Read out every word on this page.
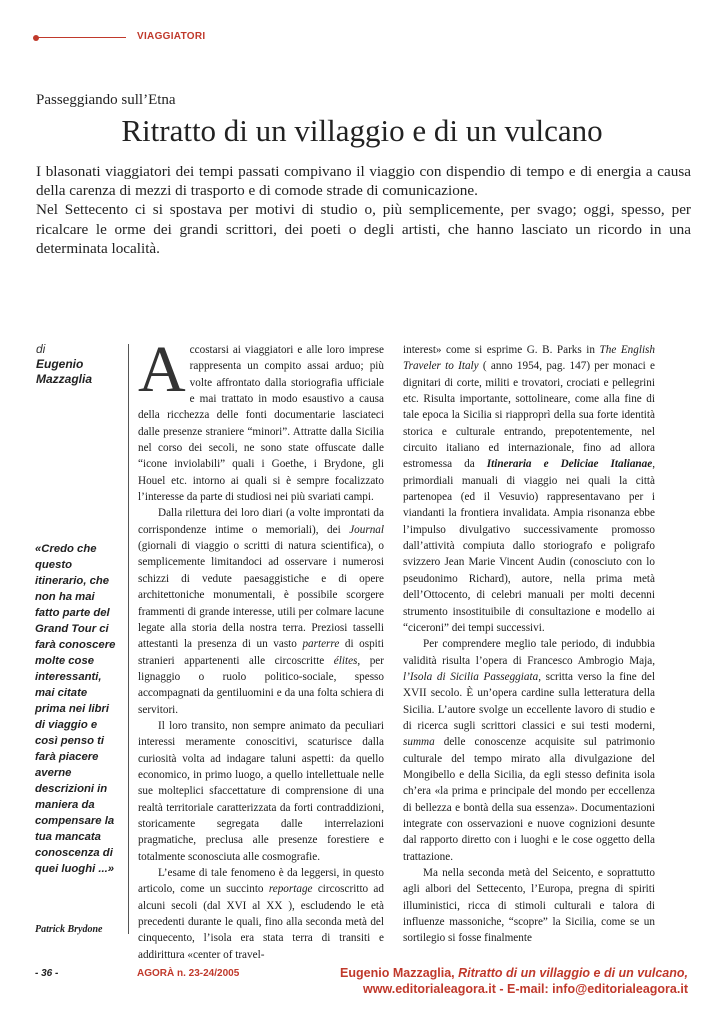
VIAGGIATORI
Passeggiando sull’Etna
Ritratto di un villaggio e di un vulcano

I blasonati viaggiatori dei tempi passati compivano il viaggio con dispendio di tempo e di energia a causa della carenza di mezzi di trasporto e di comode strade di comunicazione.

Nel Settecento ci si spostava per motivi di studio o, più semplicemente, per svago; oggi, spesso, per ricalcare le orme dei grandi scrittori, dei poeti o degli artisti, che hanno lasciato un ricordo in una determinata località.

di
Eugenio
Mazzaglia
«Credo che questo itinerario, che non ha mai fatto parte del Grand Tour ci farà conoscere molte cose interessanti, mai citate prima nei libri di viaggio e così penso ti farà piacere averne descrizioni in maniera da compensare la tua mancata conoscenza di quei luoghi ...»
Patrick Brydone

Accostarsi ai viaggiatori e alle loro imprese rappresenta un compito assai arduo; più volte affrontato dalla storiografia ufficiale e mai trattato in modo esaustivo a causa della ricchezza delle fonti documentarie lasciateci dalle presenze straniere “minori”. Attratte dalla Sicilia nel corso dei secoli, ne sono state offuscate dalle “icone inviolabili” quali i Goethe, i Brydone, gli Houel etc. intorno ai quali si è sempre focalizzato l’interesse da parte di studiosi nei più svariati campi.

Dalla rilettura dei loro diari (a volte improntati da corrispondenze intime o memoriali), dei Journal (giornali di viaggio o scritti di natura scientifica), o semplicemente limitandoci ad osservare i numerosi schizzi di vedute paesaggistiche e di opere architettoniche monumentali, è possibile scorgere frammenti di grande interesse, utili per colmare lacune legate alla storia della nostra terra. Preziosi tasselli attestanti la presenza di un vasto parterre di ospiti stranieri appartenenti alle circoscritte élites, per lignaggio o ruolo politico-sociale, spesso accompagnati da gentiluomini e da una folta schiera di servitori.

Il loro transito, non sempre animato da peculiari interessi meramente conoscitivi, scaturisce dalla curiosità volta ad indagare taluni aspetti: da quello economico, in primo luogo, a quello intellettuale nelle sue molteplici sfaccettature di comprensione di una realtà territoriale caratterizzata da forti contraddizioni, storicamente segregata dalle interrelazioni pragmatiche, preclusa alle presenze forestiere e totalmente sconosciuta alle cosmografie.

L’esame di tale fenomeno è da leggersi, in questo articolo, come un succinto reportage circoscritto ad alcuni secoli (dal XVI al XX ), escludendo le età precedenti durante le quali, fino alla seconda metà del cinquecento, l’isola era stata terra di transiti e addirittura «center of travel-

interest» come si esprime G. B. Parks in The English Traveler to Italy ( anno 1954, pag. 147) per monaci e dignitari di corte, militi e trovatori, crociati e pellegrini etc. Risulta importante, sottolineare, come alla fine di tale epoca la Sicilia si riapproprì della sua forte identità storica e culturale entrando, prepotentemente, nel circuito italiano ed internazionale, fino ad allora estromessa da Itineraria e Deliciae Italianae, primordiali manuali di viaggio nei quali la città partenopea (ed il Vesuvio) rappresentavano per i viandanti la frontiera invalidata. Ampia risonanza ebbe l’impulso divulgativo successivamente promosso dall’attività compiuta dallo storiografo e poligrafo svizzero Jean Marie Vincent Audin (conosciuto con lo pseudonimo Richard), autore, nella prima metà dell’Ottocento, di celebri manuali per molti decenni strumento insostituibile di consultazione e modello ai “ciceroni” dei tempi successivi.

Per comprendere meglio tale periodo, di indubbia validità risulta l’opera di Francesco Ambrogio Maja, l’Isola di Sicilia Passeggiata, scritta verso la fine del XVII secolo. È un’opera cardine sulla letteratura della Sicilia. L’autore svolge un eccellente lavoro di studio e di ricerca sugli scrittori classici e sui testi moderni, summa delle conoscenze acquisite sul patrimonio culturale del tempo mirato alla divulgazione del Mongibello e della Sicilia, da egli stesso definita isola ch’era «la prima e principale del mondo per eccellenza di bellezza e bontà della sua essenza». Documentazioni integrate con osservazioni e nuove cognizioni desunte dal rapporto diretto con i luoghi e le cose oggetto della trattazione.

Ma nella seconda metà del Seicento, e soprattutto agli albori del Settecento, l’Europa, pregna di spiriti illuministici, ricca di stimoli culturali e talora di influenze massoniche, “scopre” la Sicilia, come se un sortilegio si fosse finalmente

- 36 -	AGORÀ n. 23-24/2005	Eugenio Mazzaglia, Ritratto di un villaggio e di un vulcano,
www.editorialeagora.it - E-mail: info@editorialeagora.it
